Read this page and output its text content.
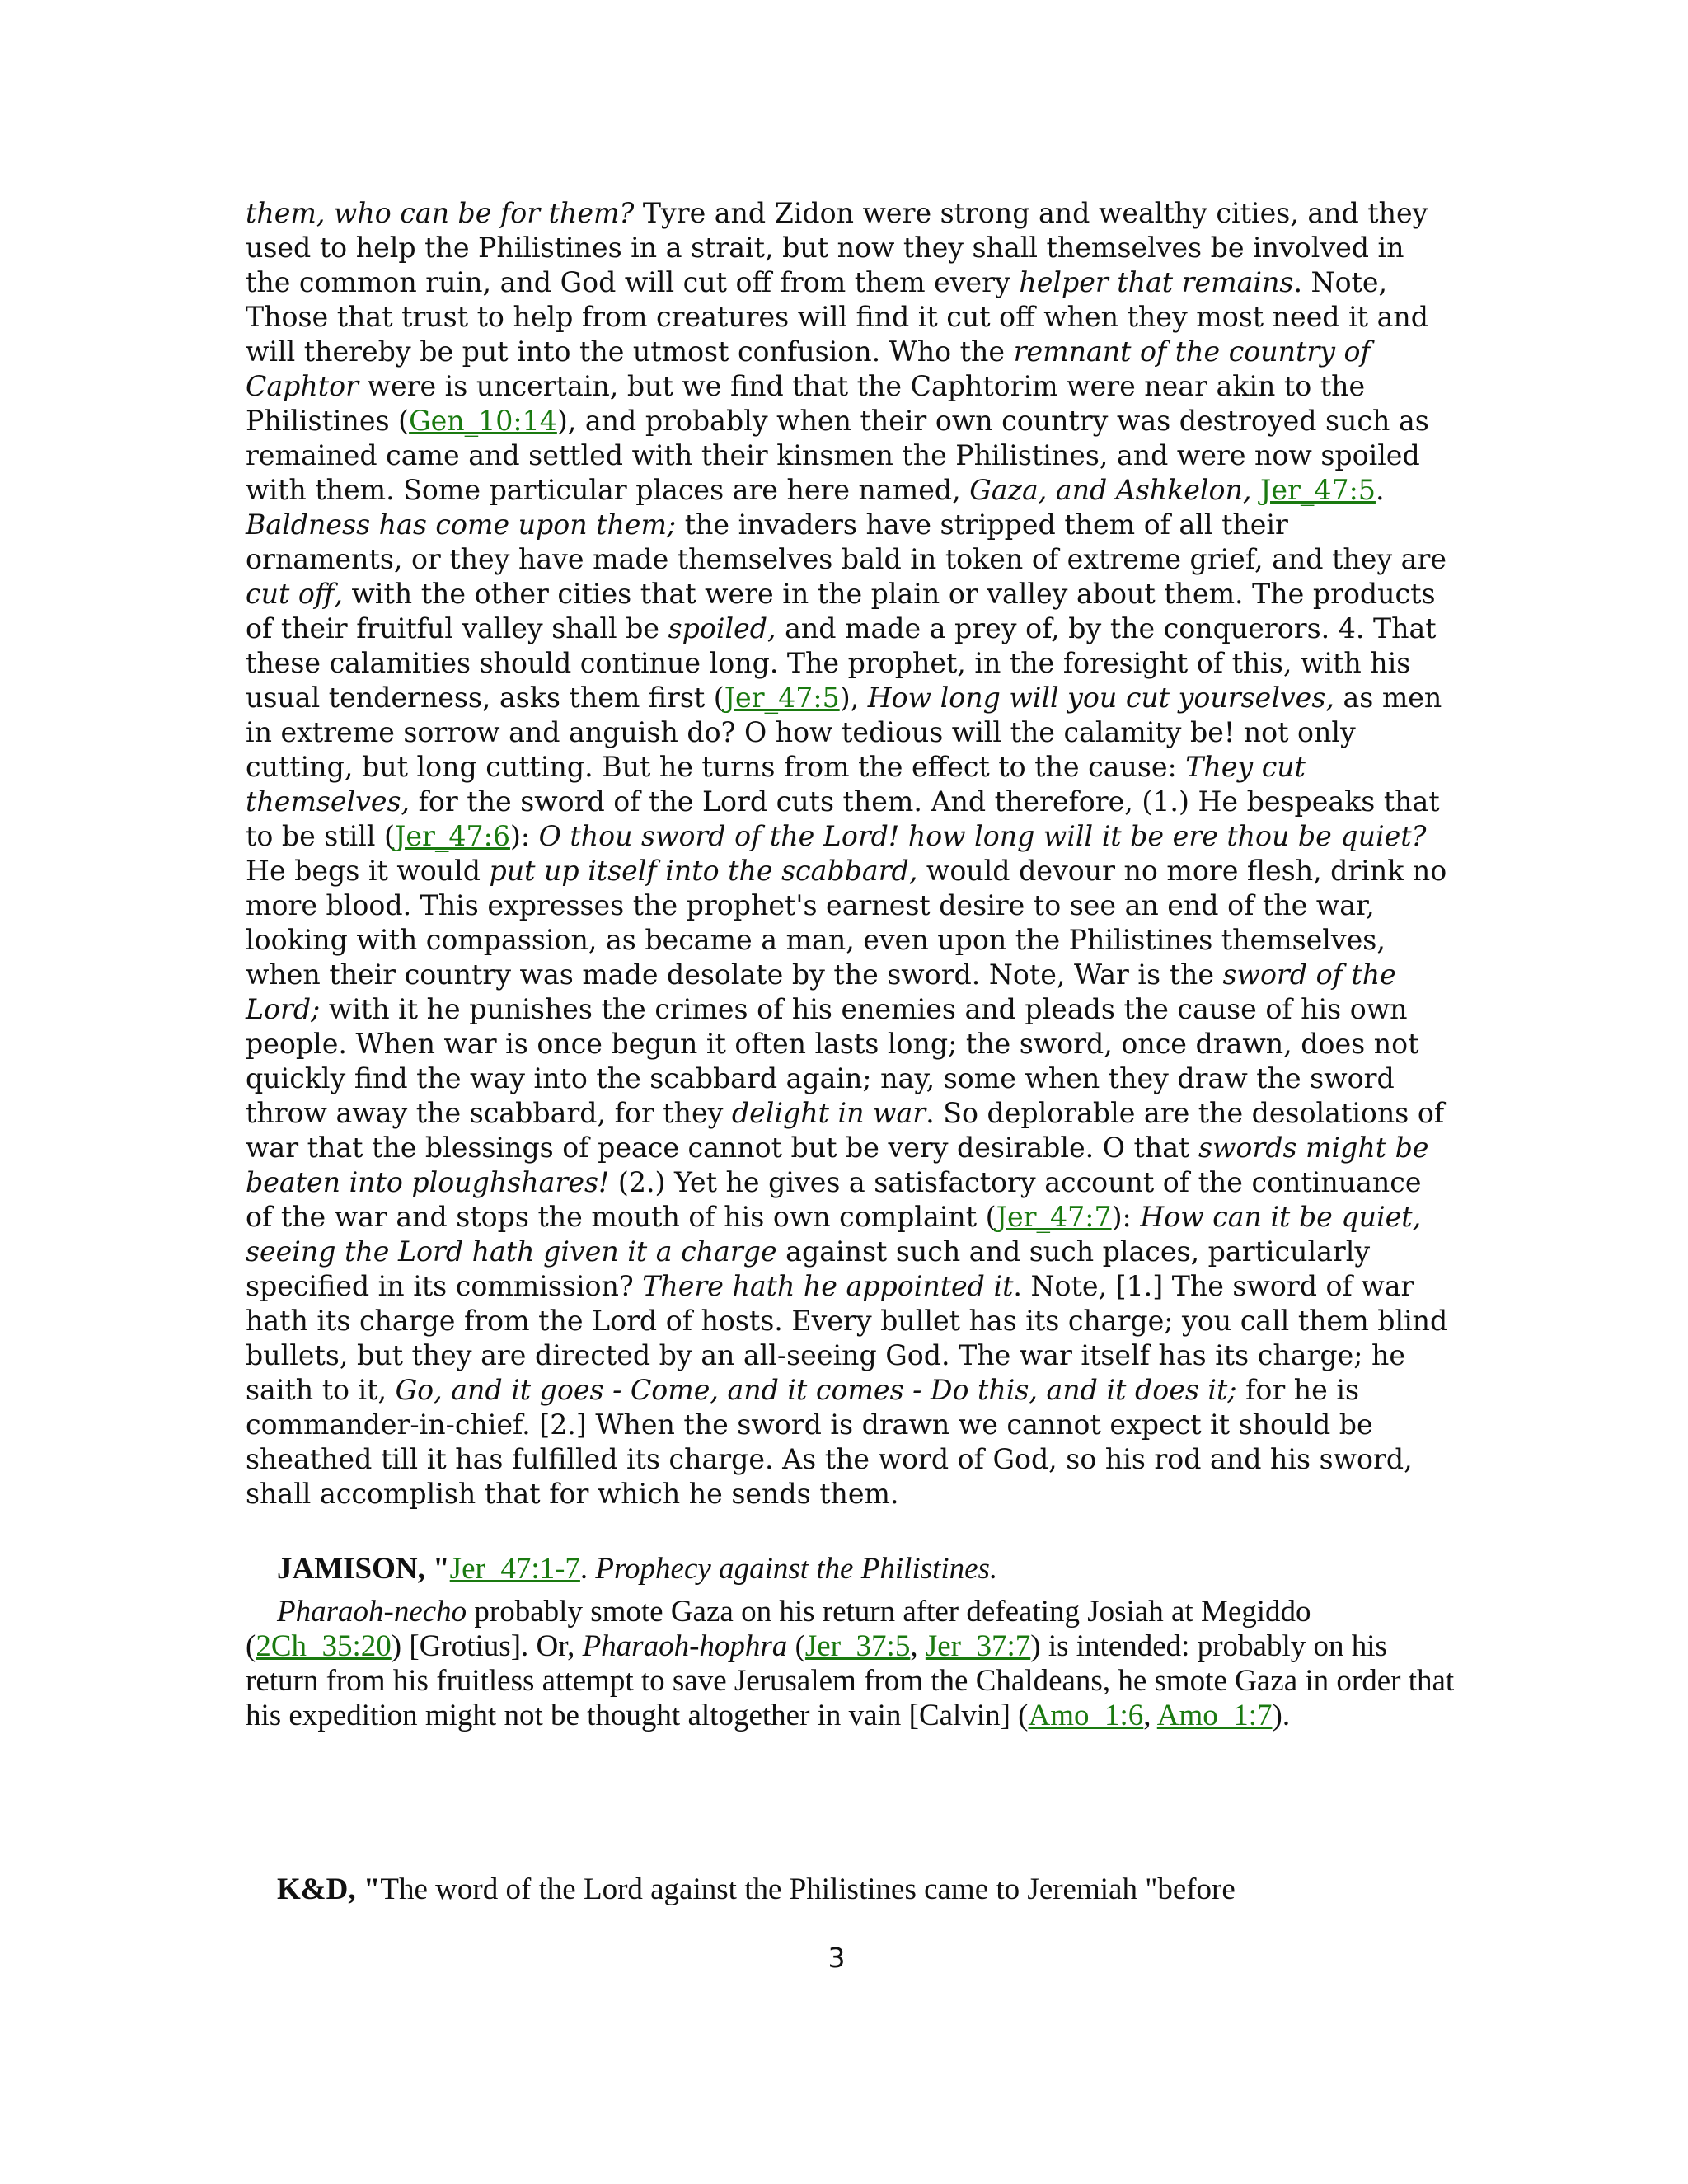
them, who can be for them? Tyre and Zidon were strong and wealthy cities, and they used to help the Philistines in a strait, but now they shall themselves be involved in the common ruin, and God will cut off from them every helper that remains. Note, Those that trust to help from creatures will find it cut off when they most need it and will thereby be put into the utmost confusion. Who the remnant of the country of Caphtor were is uncertain, but we find that the Caphtorim were near akin to the Philistines (Gen_10:14), and probably when their own country was destroyed such as remained came and settled with their kinsmen the Philistines, and were now spoiled with them. Some particular places are here named, Gaza, and Ashkelon, Jer_47:5. Baldness has come upon them; the invaders have stripped them of all their ornaments, or they have made themselves bald in token of extreme grief, and they are cut off, with the other cities that were in the plain or valley about them. The products of their fruitful valley shall be spoiled, and made a prey of, by the conquerors. 4. That these calamities should continue long. The prophet, in the foresight of this, with his usual tenderness, asks them first (Jer_47:5), How long will you cut yourselves, as men in extreme sorrow and anguish do? O how tedious will the calamity be! not only cutting, but long cutting. But he turns from the effect to the cause: They cut themselves, for the sword of the Lord cuts them. And therefore, (1.) He bespeaks that to be still (Jer_47:6): O thou sword of the Lord! how long will it be ere thou be quiet? He begs it would put up itself into the scabbard, would devour no more flesh, drink no more blood. This expresses the prophet's earnest desire to see an end of the war, looking with compassion, as became a man, even upon the Philistines themselves, when their country was made desolate by the sword. Note, War is the sword of the Lord; with it he punishes the crimes of his enemies and pleads the cause of his own people. When war is once begun it often lasts long; the sword, once drawn, does not quickly find the way into the scabbard again; nay, some when they draw the sword throw away the scabbard, for they delight in war. So deplorable are the desolations of war that the blessings of peace cannot but be very desirable. O that swords might be beaten into ploughshares! (2.) Yet he gives a satisfactory account of the continuance of the war and stops the mouth of his own complaint (Jer_47:7): How can it be quiet, seeing the Lord hath given it a charge against such and such places, particularly specified in its commission? There hath he appointed it. Note, [1.] The sword of war hath its charge from the Lord of hosts. Every bullet has its charge; you call them blind bullets, but they are directed by an all-seeing God. The war itself has its charge; he saith to it, Go, and it goes - Come, and it comes - Do this, and it does it; for he is commander-in-chief. [2.] When the sword is drawn we cannot expect it should be sheathed till it has fulfilled its charge. As the word of God, so his rod and his sword, shall accomplish that for which he sends them.

JAMISON, "Jer_47:1-7. Prophecy against the Philistines.

Pharaoh-necho probably smote Gaza on his return after defeating Josiah at Megiddo (2Ch_35:20) [Grotius]. Or, Pharaoh-hophra (Jer_37:5, Jer_37:7) is intended: probably on his return from his fruitless attempt to save Jerusalem from the Chaldeans, he smote Gaza in order that his expedition might not be thought altogether in vain [Calvin] (Amo_1:6, Amo_1:7).

K&D, "The word of the Lord against the Philistines came to Jeremiah "before

3
